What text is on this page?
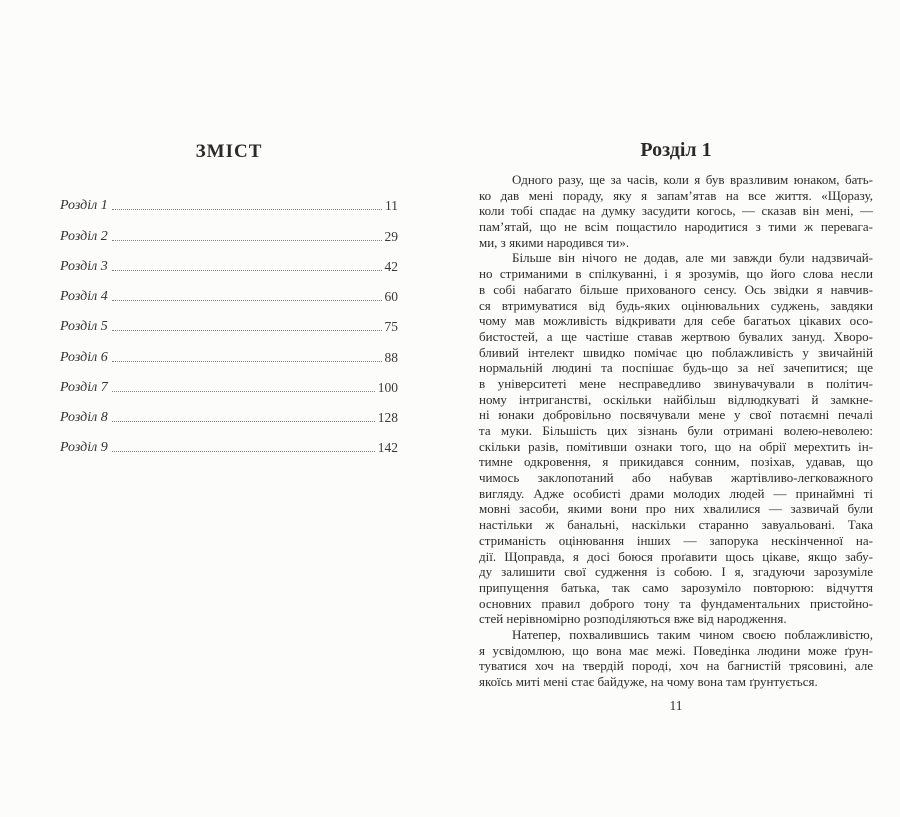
ЗМІСТ
Розділ 1	11
Розділ 2	29
Розділ 3	42
Розділ 4	60
Розділ 5	75
Розділ 6	88
Розділ 7	100
Розділ 8	128
Розділ 9	142
Розділ 1
Одного разу, ще за часів, коли я був вразливим юнаком, бать-
ко дав мені пораду, яку я запам’ятав на все життя. «Щоразу,
коли тобі спадає на думку засудити когось, — сказав він мені, —
пам’ятай, що не всім пощастило народитися з тими ж перевага-
ми, з якими народився ти».
Більше він нічого не додав, але ми завжди були надзвичай-
но стриманими в спілкуванні, і я зрозумів, що його слова несли
в собі набагато більше прихованого сенсу. Ось звідки я навчив-
ся втримуватися від будь-яких оцінювальних суджень, завдяки
чому мав можливість відкривати для себе багатьох цікавих осо-
бистостей, а ще частіше ставав жертвою бувалих зануд. Хворо-
бливий інтелект швидко помічає цю поблажливість у звичайній
нормальній людині та поспішає будь-що за неї зачепитися; ще
в університеті мене несправедливо звинувачували в політич-
ному інтриганстві, оскільки найбільш відлюдкуваті й замкне-
ні юнаки добровільно посвячували мене у свої потаємні печалі
та муки. Більшість цих зізнань були отримані волею-неволею:
скільки разів, помітивши ознаки того, що на обрії мерехтить ін-
тимне одкровення, я прикидався сонним, позіхав, удавав, що
чимось заклопотаний або набував жартівливо-легковажного
вигляду. Адже особисті драми молодих людей — принаймні ті
мовні засоби, якими вони про них хвалилися — зазвичай були
настільки ж банальні, наскільки старанно завуальовані. Така
стриманість оцінювання інших — запорука нескінченної на-
дії. Щоправда, я досі боюся проґавити щось цікаве, якщо забу-
ду залишити свої судження із собою. І я, згадуючи зарозуміле
припущення батька, так само зарозуміло повторюю: відчуття
основних правил доброго тону та фундаментальних пристойно-
стей нерівномірно розподіляються вже від народження.
Натепер, похвалившись таким чином своєю поблажливістю,
я усвідомлюю, що вона має межі. Поведінка людини може ґрун-
туватися хоч на твердій породі, хоч на багнистій трясовині, але
якоїсь миті мені стає байдуже, на чому вона там ґрунтується.
11
